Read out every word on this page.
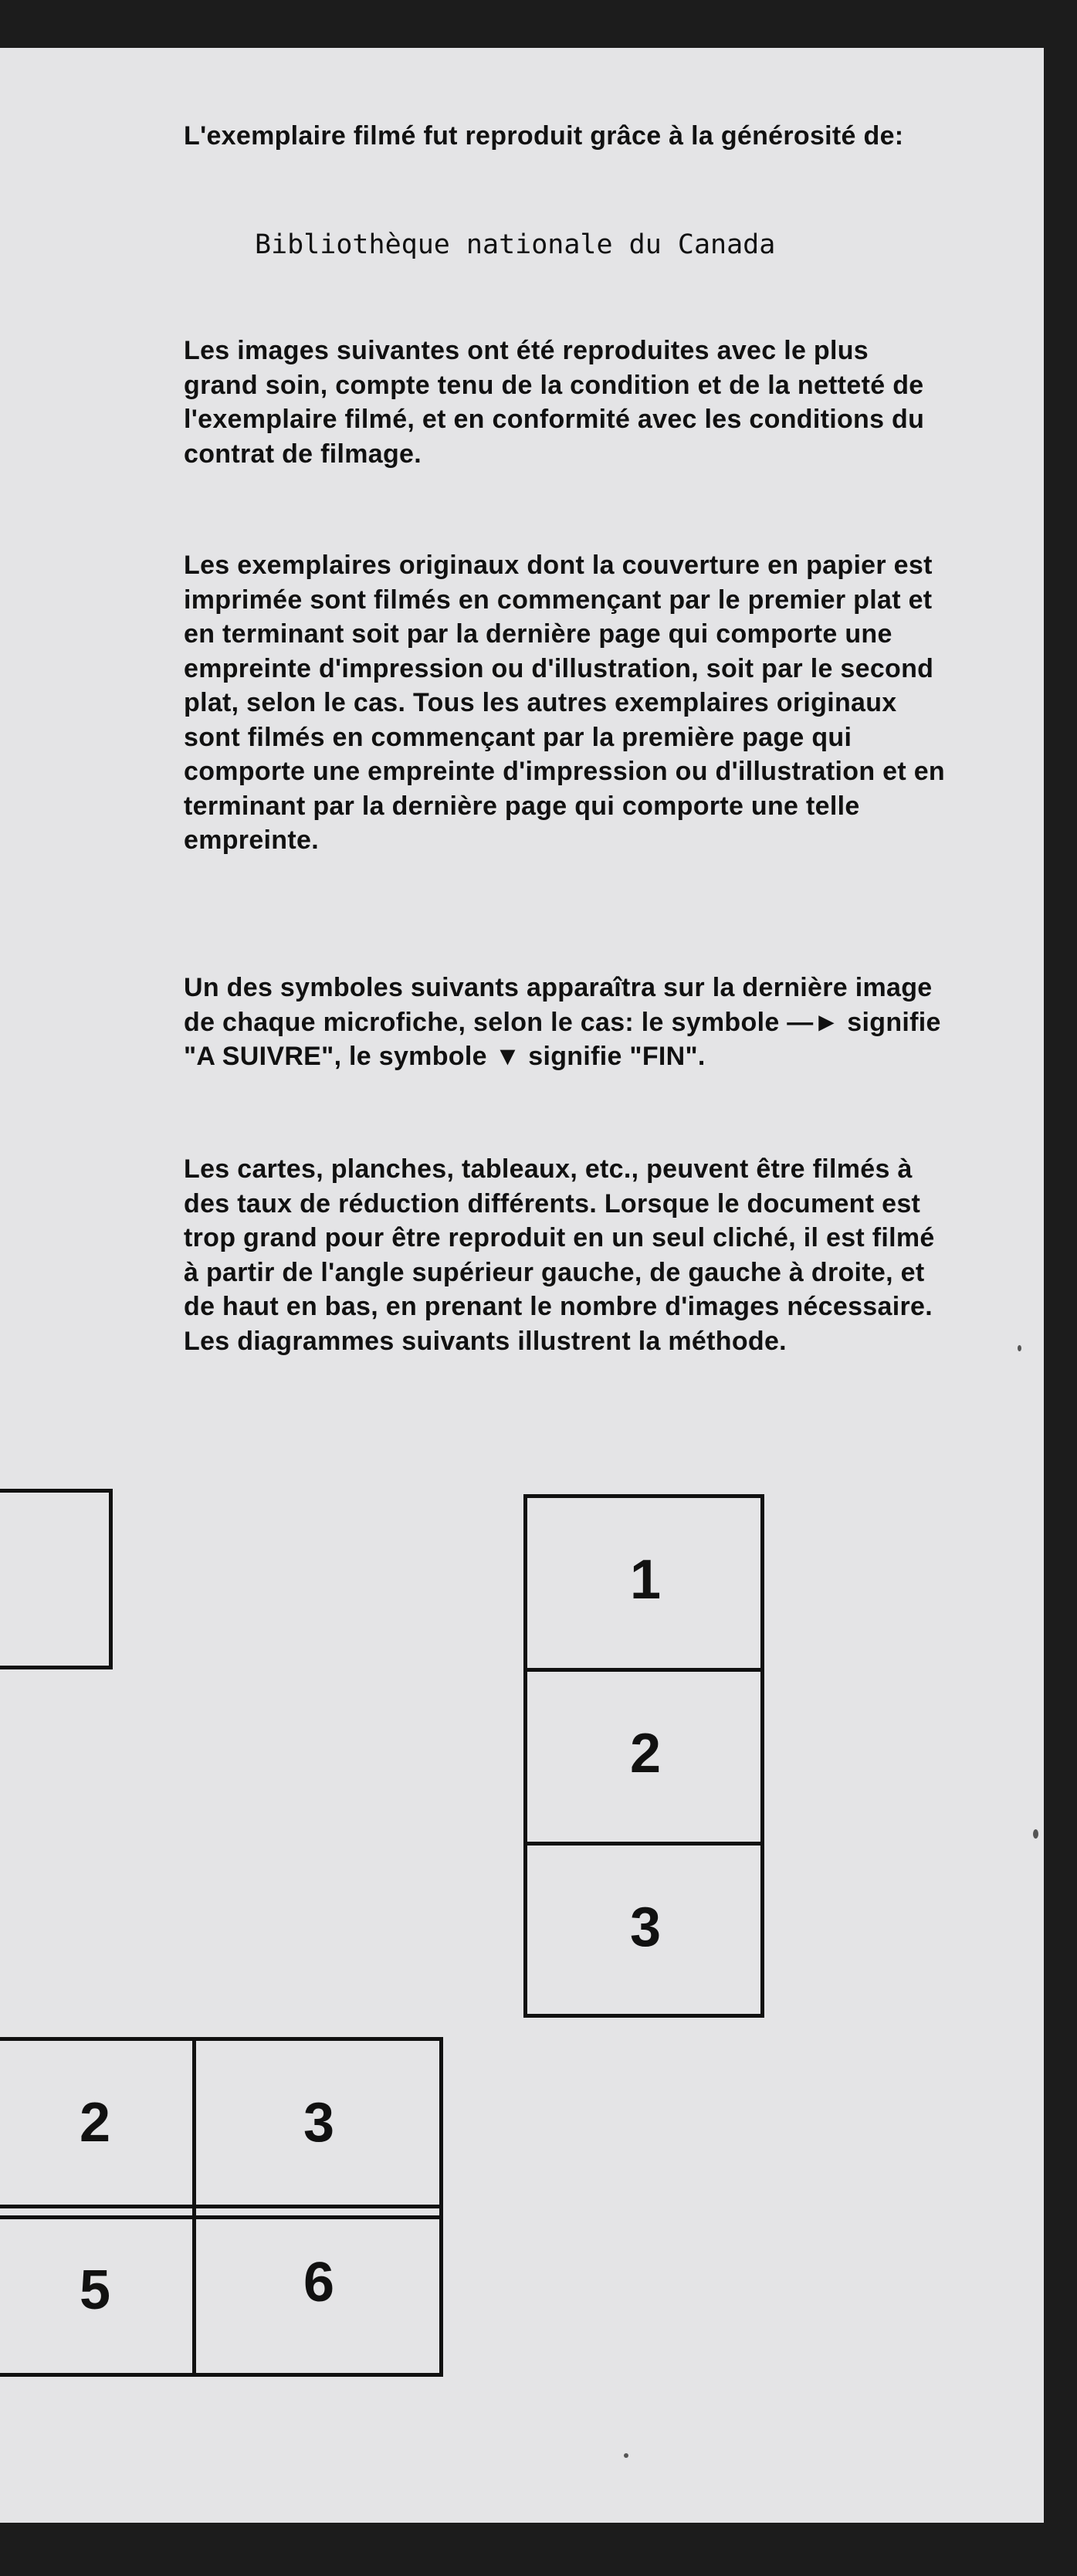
L'exemplaire filmé fut reproduit grâce à la générosité de:

Bibliothèque nationale du Canada

Les images suivantes ont été reproduites avec le plus grand soin, compte tenu de la condition et de la netteté de l'exemplaire filmé, et en conformité avec les conditions du contrat de filmage.

Les exemplaires originaux dont la couverture en papier est imprimée sont filmés en commençant par le premier plat et en terminant soit par la dernière page qui comporte une empreinte d'impression ou d'illustration, soit par le second plat, selon le cas. Tous les autres exemplaires originaux sont filmés en commençant par la première page qui comporte une empreinte d'impression ou d'illustration et en terminant par la dernière page qui comporte une telle empreinte.

Un des symboles suivants apparaîtra sur la dernière image de chaque microfiche, selon le cas: le symbole —► signifie "A SUIVRE", le symbole ▼ signifie "FIN".

Les cartes, planches, tableaux, etc., peuvent être filmés à des taux de réduction différents. Lorsque le document est trop grand pour être reproduit en un seul cliché, il est filmé à partir de l'angle supérieur gauche, de gauche à droite, et de haut en bas, en prenant le nombre d'images nécessaire. Les diagrammes suivants illustrent la méthode.

1
2
3
2	3
5	6
